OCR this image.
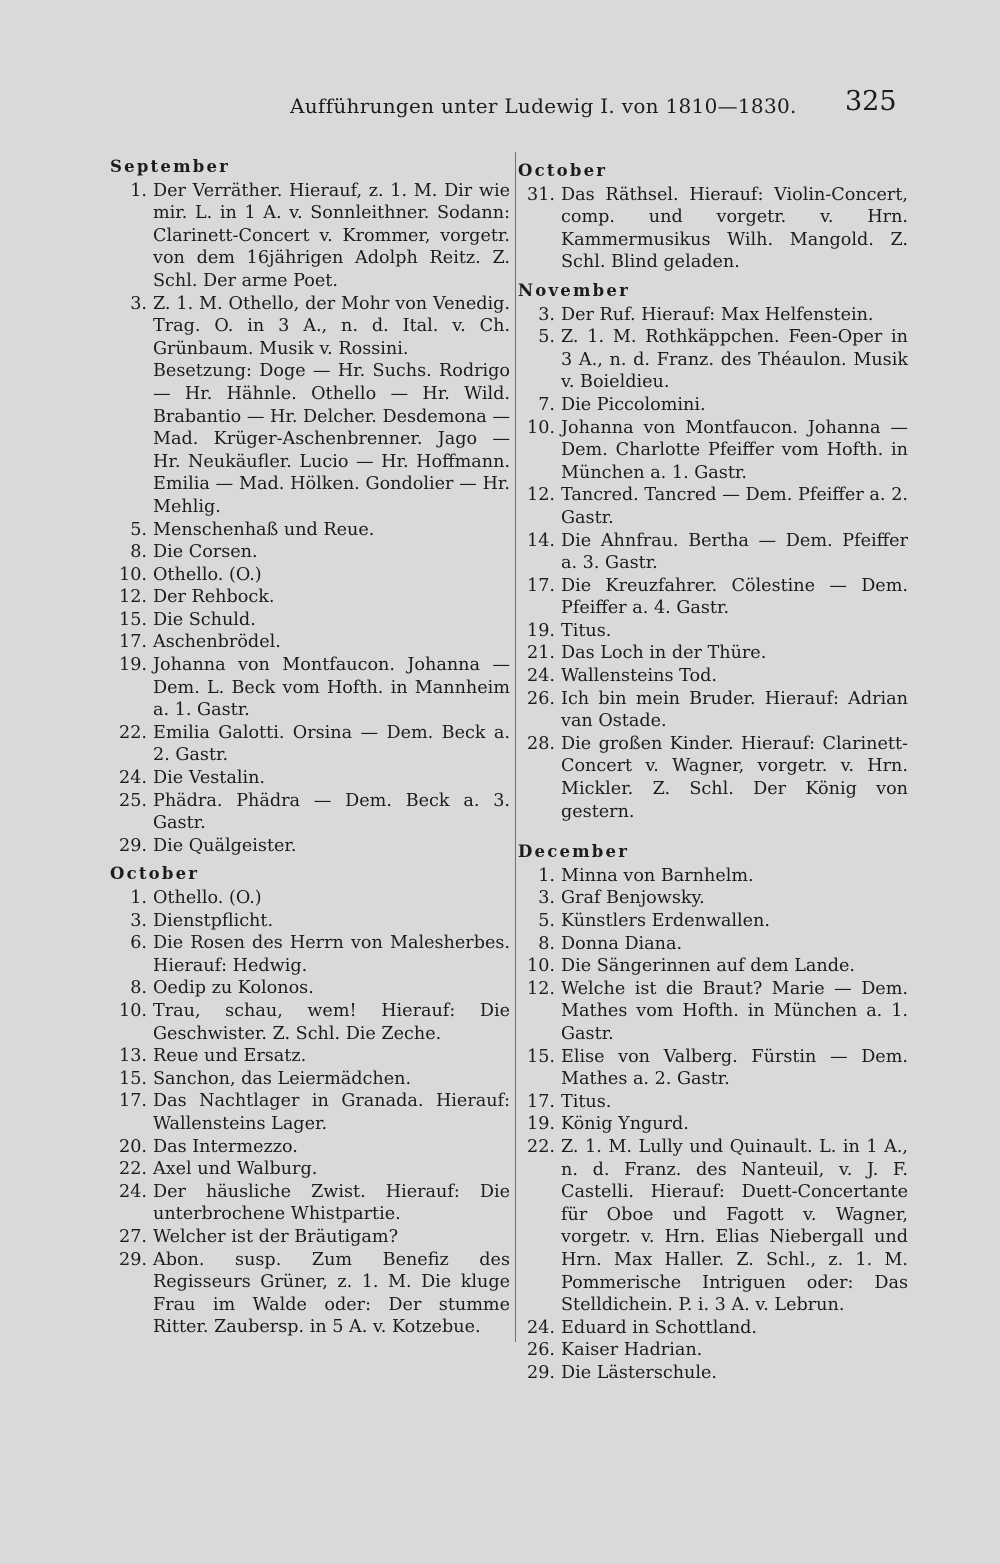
Aufführungen unter Ludewig I. von 1810—1830. 325
September
1. Der Verräther. Hierauf, z. 1. M. Dir wie mir. L. in 1 A. v. Sonnleithner. Sodann: Clarinett-Concert v. Krommer, vorgetr. von dem 16jährigen Adolph Reitz. Z. Schl. Der arme Poet.
3. Z. 1. M. Othello, der Mohr von Venedig. Trag. O. in 3 A., n. d. Ital. v. Ch. Grünbaum. Musik v. Rossini.
Besetzung: Doge — Hr. Suchs. Rodrigo — Hr. Hähnle. Othello — Hr. Wild. Brabantio — Hr. Delcher. Desdemona — Mad. Krüger-Aschenbrenner. Jago — Hr. Neukäufler. Lucio — Hr. Hoffmann. Emilia — Mad. Hölken. Gondolier — Hr. Mehlig.
5. Menschenhaß und Reue.
8. Die Corsen.
10. Othello. (O.)
12. Der Rehbock.
15. Die Schuld.
17. Aschenbrödel.
19. Johanna von Montfaucon. Johanna — Dem. L. Beck vom Hofth. in Mannheim a. 1. Gastr.
22. Emilia Galotti. Orsina — Dem. Beck a. 2. Gastr.
24. Die Vestalin.
25. Phädra. Phädra — Dem. Beck a. 3. Gastr.
29. Die Quälgeister.
October
1. Othello. (O.)
3. Dienstpflicht.
6. Die Rosen des Herrn von Malesherbes. Hierauf: Hedwig.
8. Oedip zu Kolonos.
10. Trau, schau, wem! Hierauf: Die Geschwister. Z. Schl. Die Zeche.
13. Reue und Ersatz.
15. Sanchon, das Leiermädchen.
17. Das Nachtlager in Granada. Hierauf: Wallensteins Lager.
20. Das Intermezzo.
22. Axel und Walburg.
24. Der häusliche Zwist. Hierauf: Die unterbrochene Whistpartie.
27. Welcher ist der Bräutigam?
29. Abon. susp. Zum Benefiz des Regisseurs Grüner, z. 1. M. Die kluge Frau im Walde oder: Der stumme Ritter. Zaubersp. in 5 A. v. Kotzebue.
October
31. Das Räthsel. Hierauf: Violin-Concert, comp. und vorgetr. v. Hrn. Kammermusikus Wilh. Mangold. Z. Schl. Blind geladen.
November
3. Der Ruf. Hierauf: Max Helfenstein.
5. Z. 1. M. Rothkäppchen. Feen-Oper in 3 A., n. d. Franz. des Théaulon. Musik v. Boieldieu.
7. Die Piccolomini.
10. Johanna von Montfaucon. Johanna — Dem. Charlotte Pfeiffer vom Hofth. in München a. 1. Gastr.
12. Tancred. Tancred — Dem. Pfeiffer a. 2. Gastr.
14. Die Ahnfrau. Bertha — Dem. Pfeiffer a. 3. Gastr.
17. Die Kreuzfahrer. Cölestine — Dem. Pfeiffer a. 4. Gastr.
19. Titus.
21. Das Loch in der Thüre.
24. Wallensteins Tod.
26. Ich bin mein Bruder. Hierauf: Adrian van Ostade.
28. Die großen Kinder. Hierauf: Clarinett-Concert v. Wagner, vorgetr. v. Hrn. Mickler. Z. Schl. Der König von gestern.
December
1. Minna von Barnhelm.
3. Graf Benjowsky.
5. Künstlers Erdenwallen.
8. Donna Diana.
10. Die Sängerinnen auf dem Lande.
12. Welche ist die Braut? Marie — Dem. Mathes vom Hofth. in München a. 1. Gastr.
15. Elise von Valberg. Fürstin — Dem. Mathes a. 2. Gastr.
17. Titus.
19. König Yngurd.
22. Z. 1. M. Lully und Quinault. L. in 1 A., n. d. Franz. des Nanteuil, v. J. F. Castelli. Hierauf: Duett-Concertante für Oboe und Fagott v. Wagner, vorgetr. v. Hrn. Elias Niebergall und Hrn. Max Haller. Z. Schl., z. 1. M. Pommerische Intriguen oder: Das Stelldichein. P. i. 3 A. v. Lebrun.
24. Eduard in Schottland.
26. Kaiser Hadrian.
29. Die Lästerschule.
